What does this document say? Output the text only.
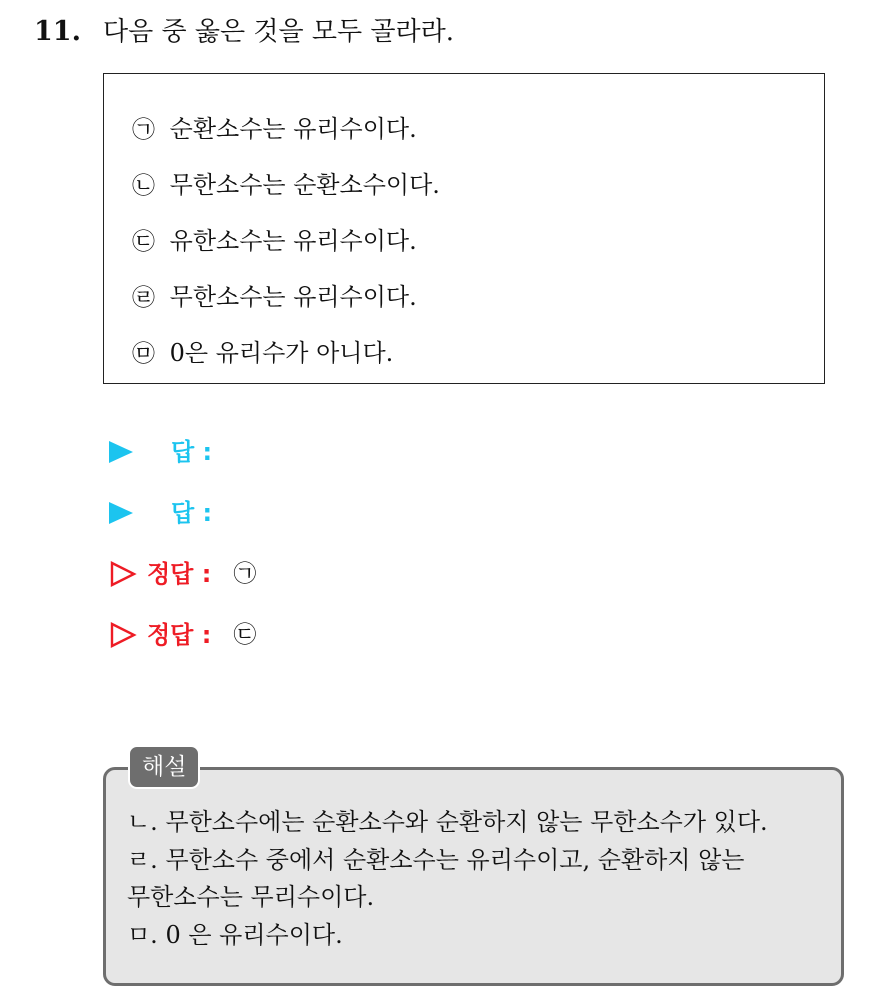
11. 다음 중 옳은 것을 모두 골라라.
㉠ 순환소수는 유리수이다.
㉡ 무한소수는 순환소수이다.
㉢ 유한소수는 유리수이다.
㉣ 무한소수는 유리수이다.
㉤ 0은 유리수가 아니다.
답 :
답 :
정답 : ㉠
정답 : ㉢
해설
ㄴ. 무한소수에는 순환소수와 순환하지 않는 무한소수가 있다.
ㄹ. 무한소수 중에서 순환소수는 유리수이고, 순환하지 않는
무한소수는 무리수이다.
ㅁ. 0 은 유리수이다.
